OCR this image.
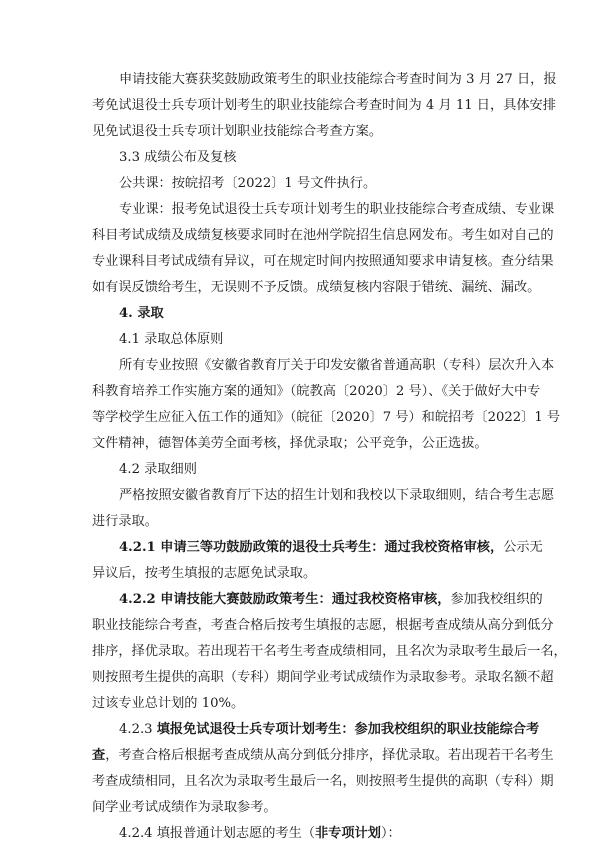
申请技能大赛获奖鼓励政策考生的职业技能综合考查时间为 3 月 27 日，报
考免试退役士兵专项计划考生的职业技能综合考查时间为 4 月 11 日，具体安排
见免试退役士兵专项计划职业技能综合考查方案。
3.3 成绩公布及复核
公共课：按皖招考〔2022〕1 号文件执行。
专业课：报考免试退役士兵专项计划考生的职业技能综合考查成绩、专业课
科目考试成绩及成绩复核要求同时在池州学院招生信息网发布。考生如对自己的
专业课科目考试成绩有异议，可在规定时间内按照通知要求申请复核。查分结果
如有误反馈给考生，无误则不予反馈。成绩复核内容限于错统、漏统、漏改。
4. 录取
4.1 录取总体原则
所有专业按照《安徽省教育厅关于印发安徽省普通高职（专科）层次升入本
科教育培养工作实施方案的通知》（皖教高〔2020〕2 号）、《关于做好大中专
等学校学生应征入伍工作的通知》（皖征〔2020〕7 号）和皖招考〔2022〕1 号
文件精神，德智体美劳全面考核，择优录取；公平竞争，公正选拔。
4.2 录取细则
严格按照安徽省教育厅下达的招生计划和我校以下录取细则，结合考生志愿
进行录取。
4.2.1 申请三等功鼓励政策的退役士兵考生：通过我校资格审核，公示无
异议后，按考生填报的志愿免试录取。
4.2.2 申请技能大赛鼓励政策考生：通过我校资格审核，参加我校组织的
职业技能综合考查，考查合格后按考生填报的志愿，根据考查成绩从高分到低分
排序，择优录取。若出现若干名考生考查成绩相同，且名次为录取考生最后一名，
则按照考生提供的高职（专科）期间学业考试成绩作为录取参考。录取名额不超
过该专业总计划的 10%。
4.2.3 填报免试退役士兵专项计划考生：参加我校组织的职业技能综合考
查，考查合格后根据考查成绩从高分到低分排序，择优录取。若出现若干名考生
考查成绩相同，且名次为录取考生最后一名，则按照考生提供的高职（专科）期
间学业考试成绩作为录取参考。
4.2.4 填报普通计划志愿的考生（非专项计划）：
